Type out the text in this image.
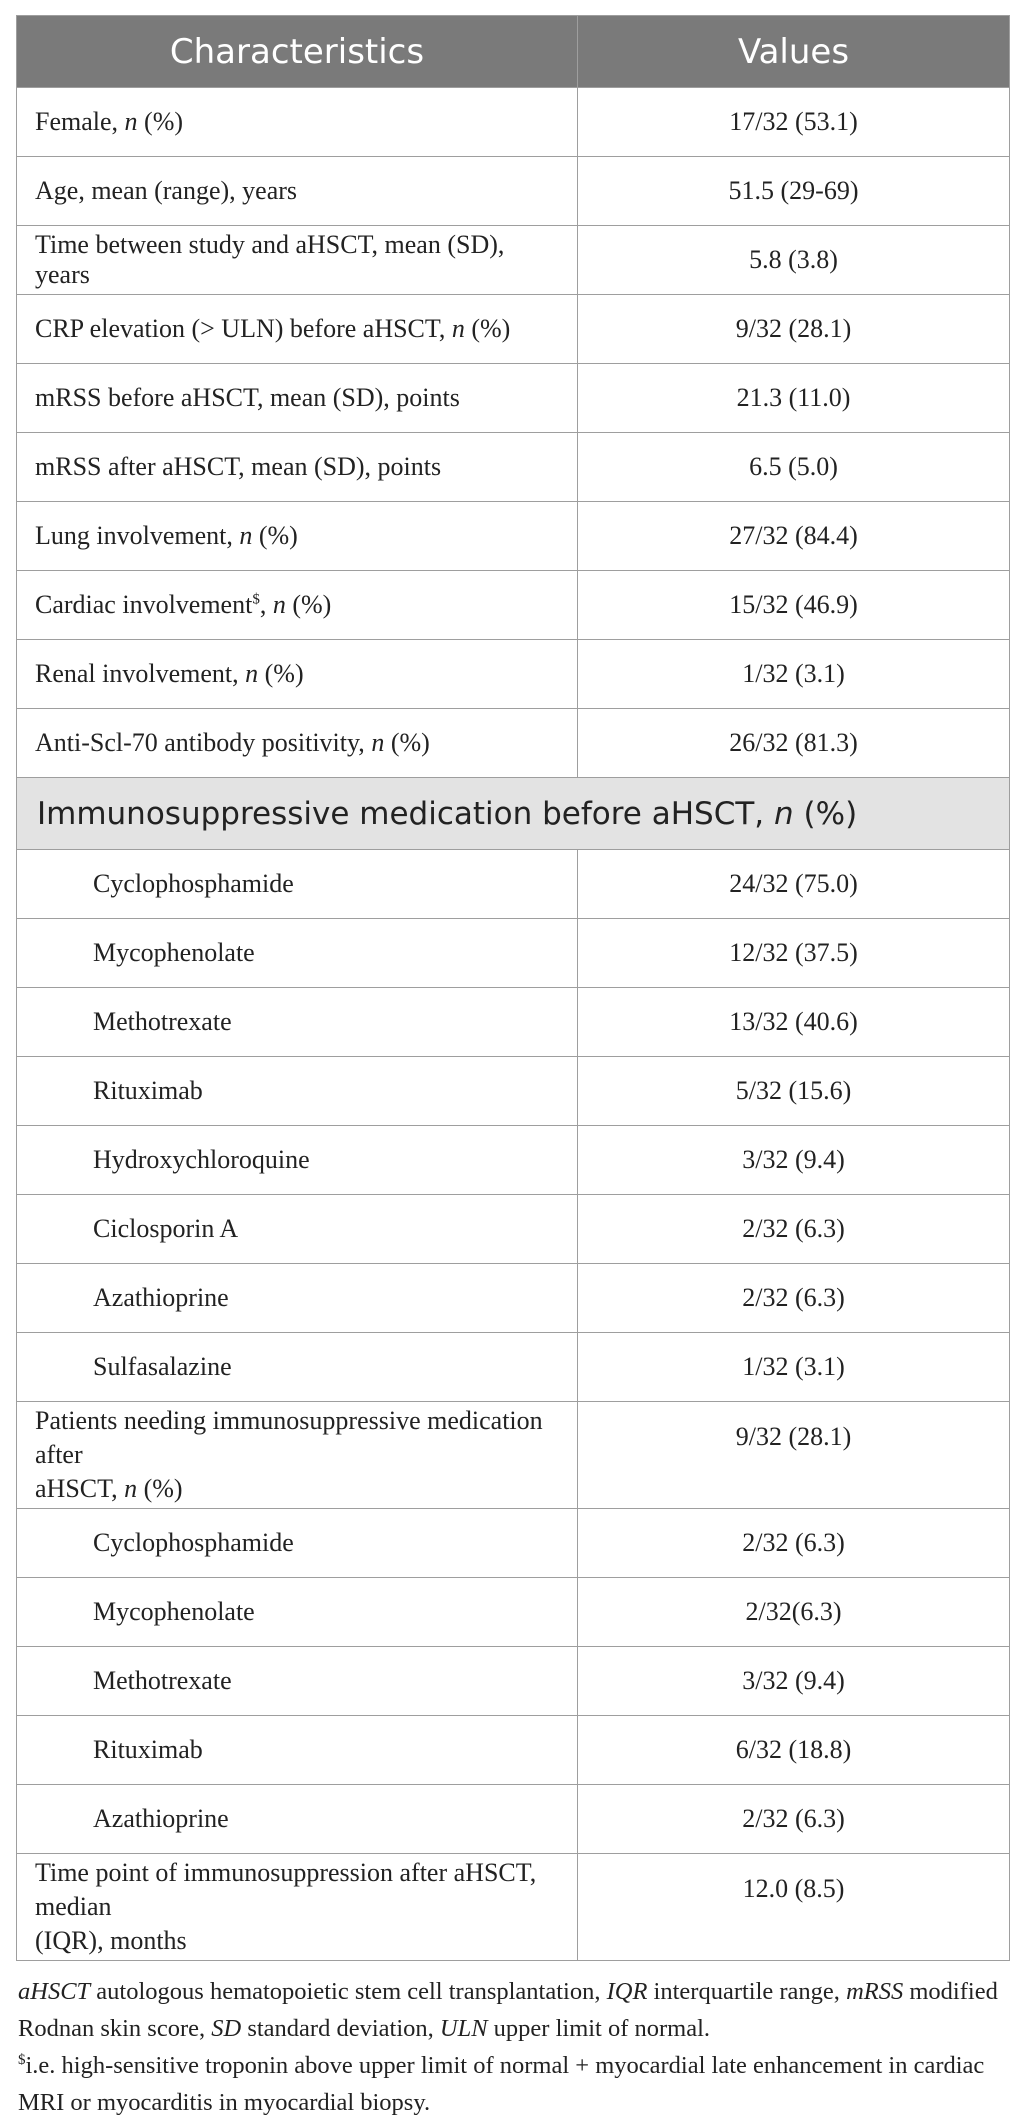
Characteristics	Values
Female, n (%)	17/32 (53.1)
Age, mean (range), years	51.5 (29-69)
Time between study and aHSCT, mean (SD), years	5.8 (3.8)
CRP elevation (> ULN) before aHSCT, n (%)	9/32 (28.1)
mRSS before aHSCT, mean (SD), points	21.3 (11.0)
mRSS after aHSCT, mean (SD), points	6.5 (5.0)
Lung involvement, n (%)	27/32 (84.4)
Cardiac involvement$, n (%)	15/32 (46.9)
Renal involvement, n (%)	1/32 (3.1)
Anti-Scl-70 antibody positivity, n (%)	26/32 (81.3)
Immunosuppressive medication before aHSCT, n (%)	
Cyclophosphamide	24/32 (75.0)
Mycophenolate	12/32 (37.5)
Methotrexate	13/32 (40.6)
Rituximab	5/32 (15.6)
Hydroxychloroquine	3/32 (9.4)
Ciclosporin A	2/32 (6.3)
Azathioprine	2/32 (6.3)
Sulfasalazine	1/32 (3.1)
Patients needing immunosuppressive medication after
aHSCT, n (%)	9/32 (28.1)
Cyclophosphamide	2/32 (6.3)
Mycophenolate	2/32(6.3)
Methotrexate	3/32 (9.4)
Rituximab	6/32 (18.8)
Azathioprine	2/32 (6.3)
Time point of immunosuppression after aHSCT, median
(IQR), months	12.0 (8.5)
aHSCT autologous hematopoietic stem cell transplantation, IQR interquartile range, mRSS modified Rodnan skin score, SD standard deviation, ULN upper limit of normal.
$i.e. high-sensitive troponin above upper limit of normal + myocardial late enhancement in cardiac MRI or myocarditis in myocardial biopsy.
